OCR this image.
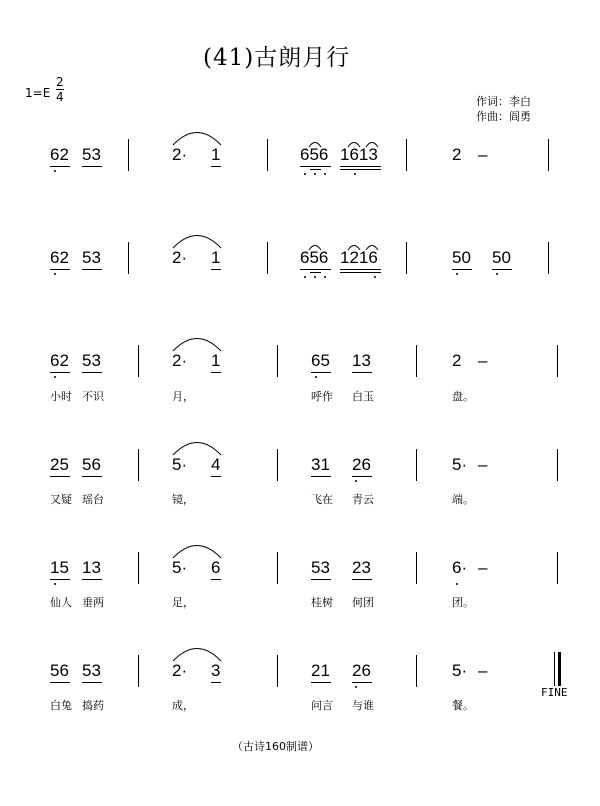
(41)古朗月行
1=E
2
4	作词：李白
作曲：阎勇
62 53	2· 1	656 1613	2 –
62 53	2· 1	656 1216	50 50
62 53	2· 1	65 13	2 –
小时 不识	月，	呼作 白玉	盘。
25 56	5· 4	31 26	5· –
又疑 瑶台	镜，	飞在 青云	端。
15 13	5· 6	53 23	6· –
仙人 垂两	足，	桂树 何团	团。
56 53	2· 3	21 26	5· –
FINE
白兔 捣药	成，	问言 与谁	餐。
（古诗160制谱）
